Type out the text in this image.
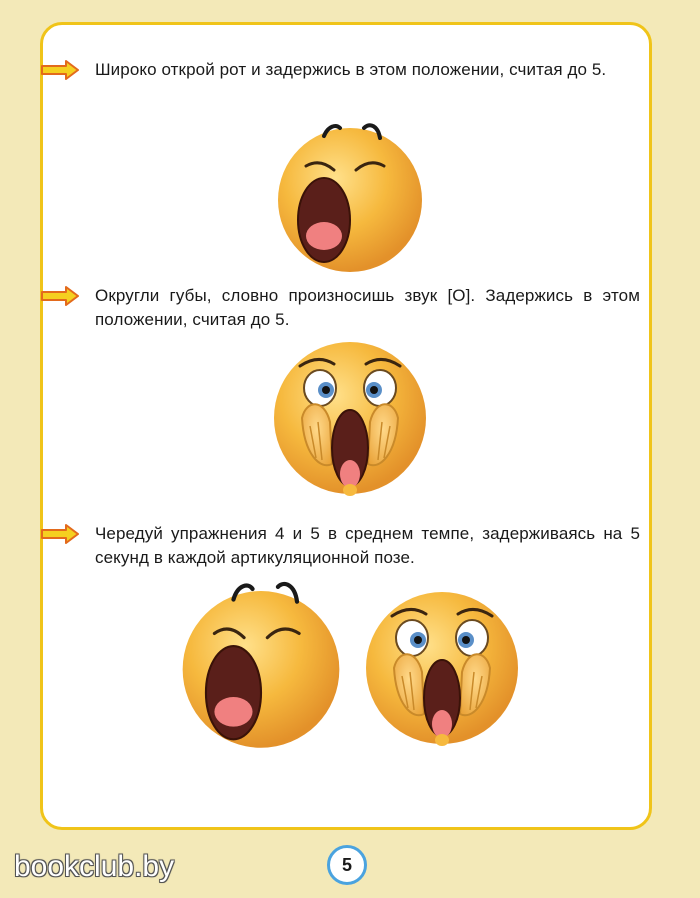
Широко открой рот и задержись в этом положении, считая до 5.
Округли губы, словно произносишь звук [О]. Задержись в этом положении, считая до 5.
Чередуй упражнения 4 и 5 в среднем темпе, задерживаясь на 5 секунд в каждой артикуляционной позе.
bookclub.by	5
